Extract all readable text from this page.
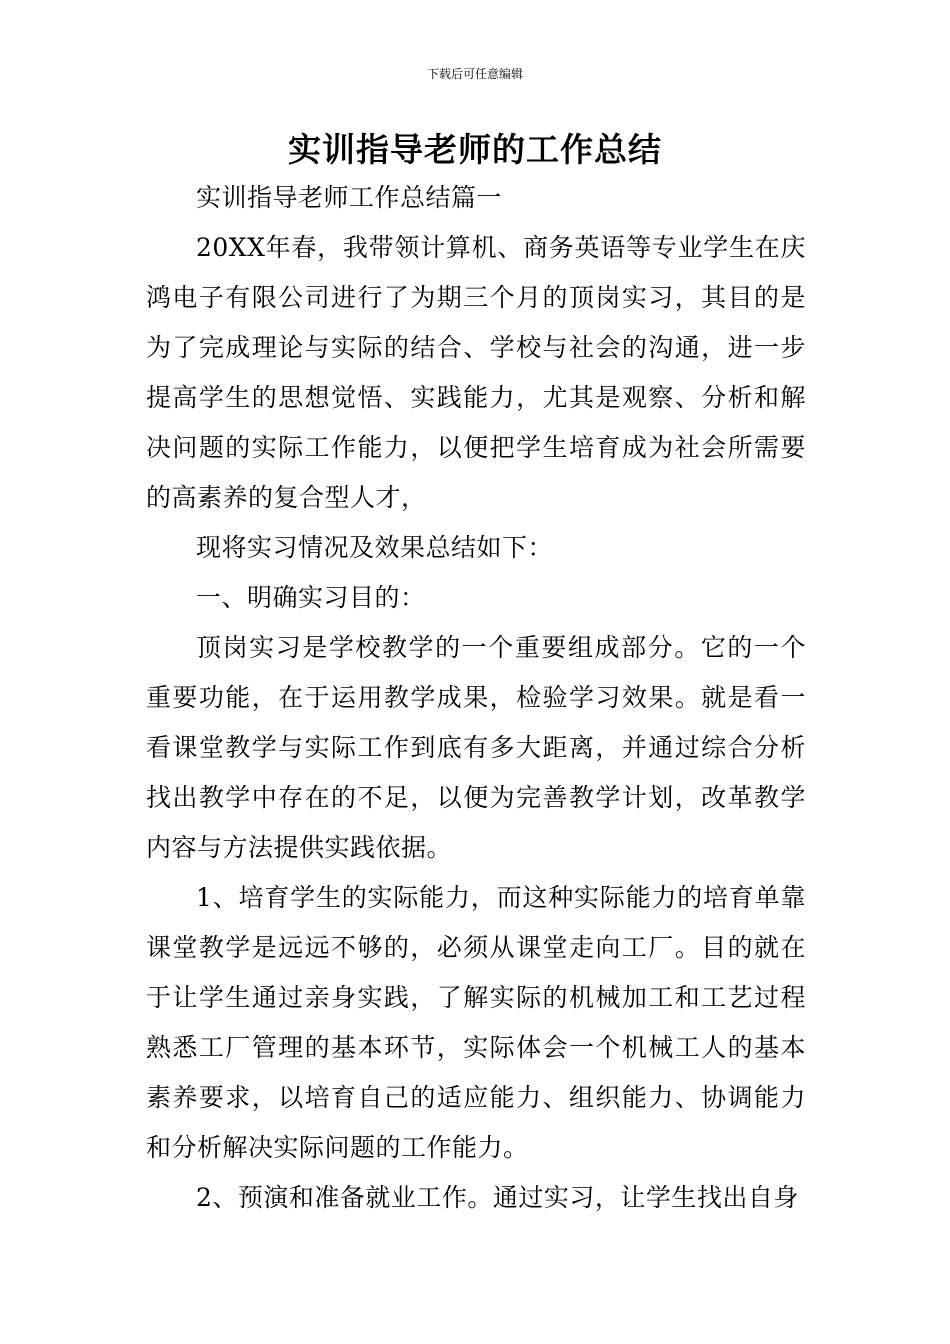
下载后可任意编辑
实训指导老师的工作总结

实训指导老师工作总结篇一

20XX年春，我带领计算机、商务英语等专业学生在庆鸿电子有限公司进行了为期三个月的顶岗实习，其目的是为了完成理论与实际的结合、学校与社会的沟通，进一步提高学生的思想觉悟、实践能力，尤其是观察、分析和解决问题的实际工作能力，以便把学生培育成为社会所需要的高素养的复合型人才，

现将实习情况及效果总结如下：

一、明确实习目的：

顶岗实习是学校教学的一个重要组成部分。它的一个重要功能，在于运用教学成果，检验学习效果。就是看一看课堂教学与实际工作到底有多大距离，并通过综合分析找出教学中存在的不足，以便为完善教学计划，改革教学内容与方法提供实践依据。

1、培育学生的实际能力，而这种实际能力的培育单靠课堂教学是远远不够的，必须从课堂走向工厂。目的就在于让学生通过亲身实践，了解实际的机械加工和工艺过程熟悉工厂管理的基本环节，实际体会一个机械工人的基本素养要求，以培育自己的适应能力、组织能力、协调能力和分析解决实际问题的工作能力。

2、预演和准备就业工作。通过实习，让学生找出自身
